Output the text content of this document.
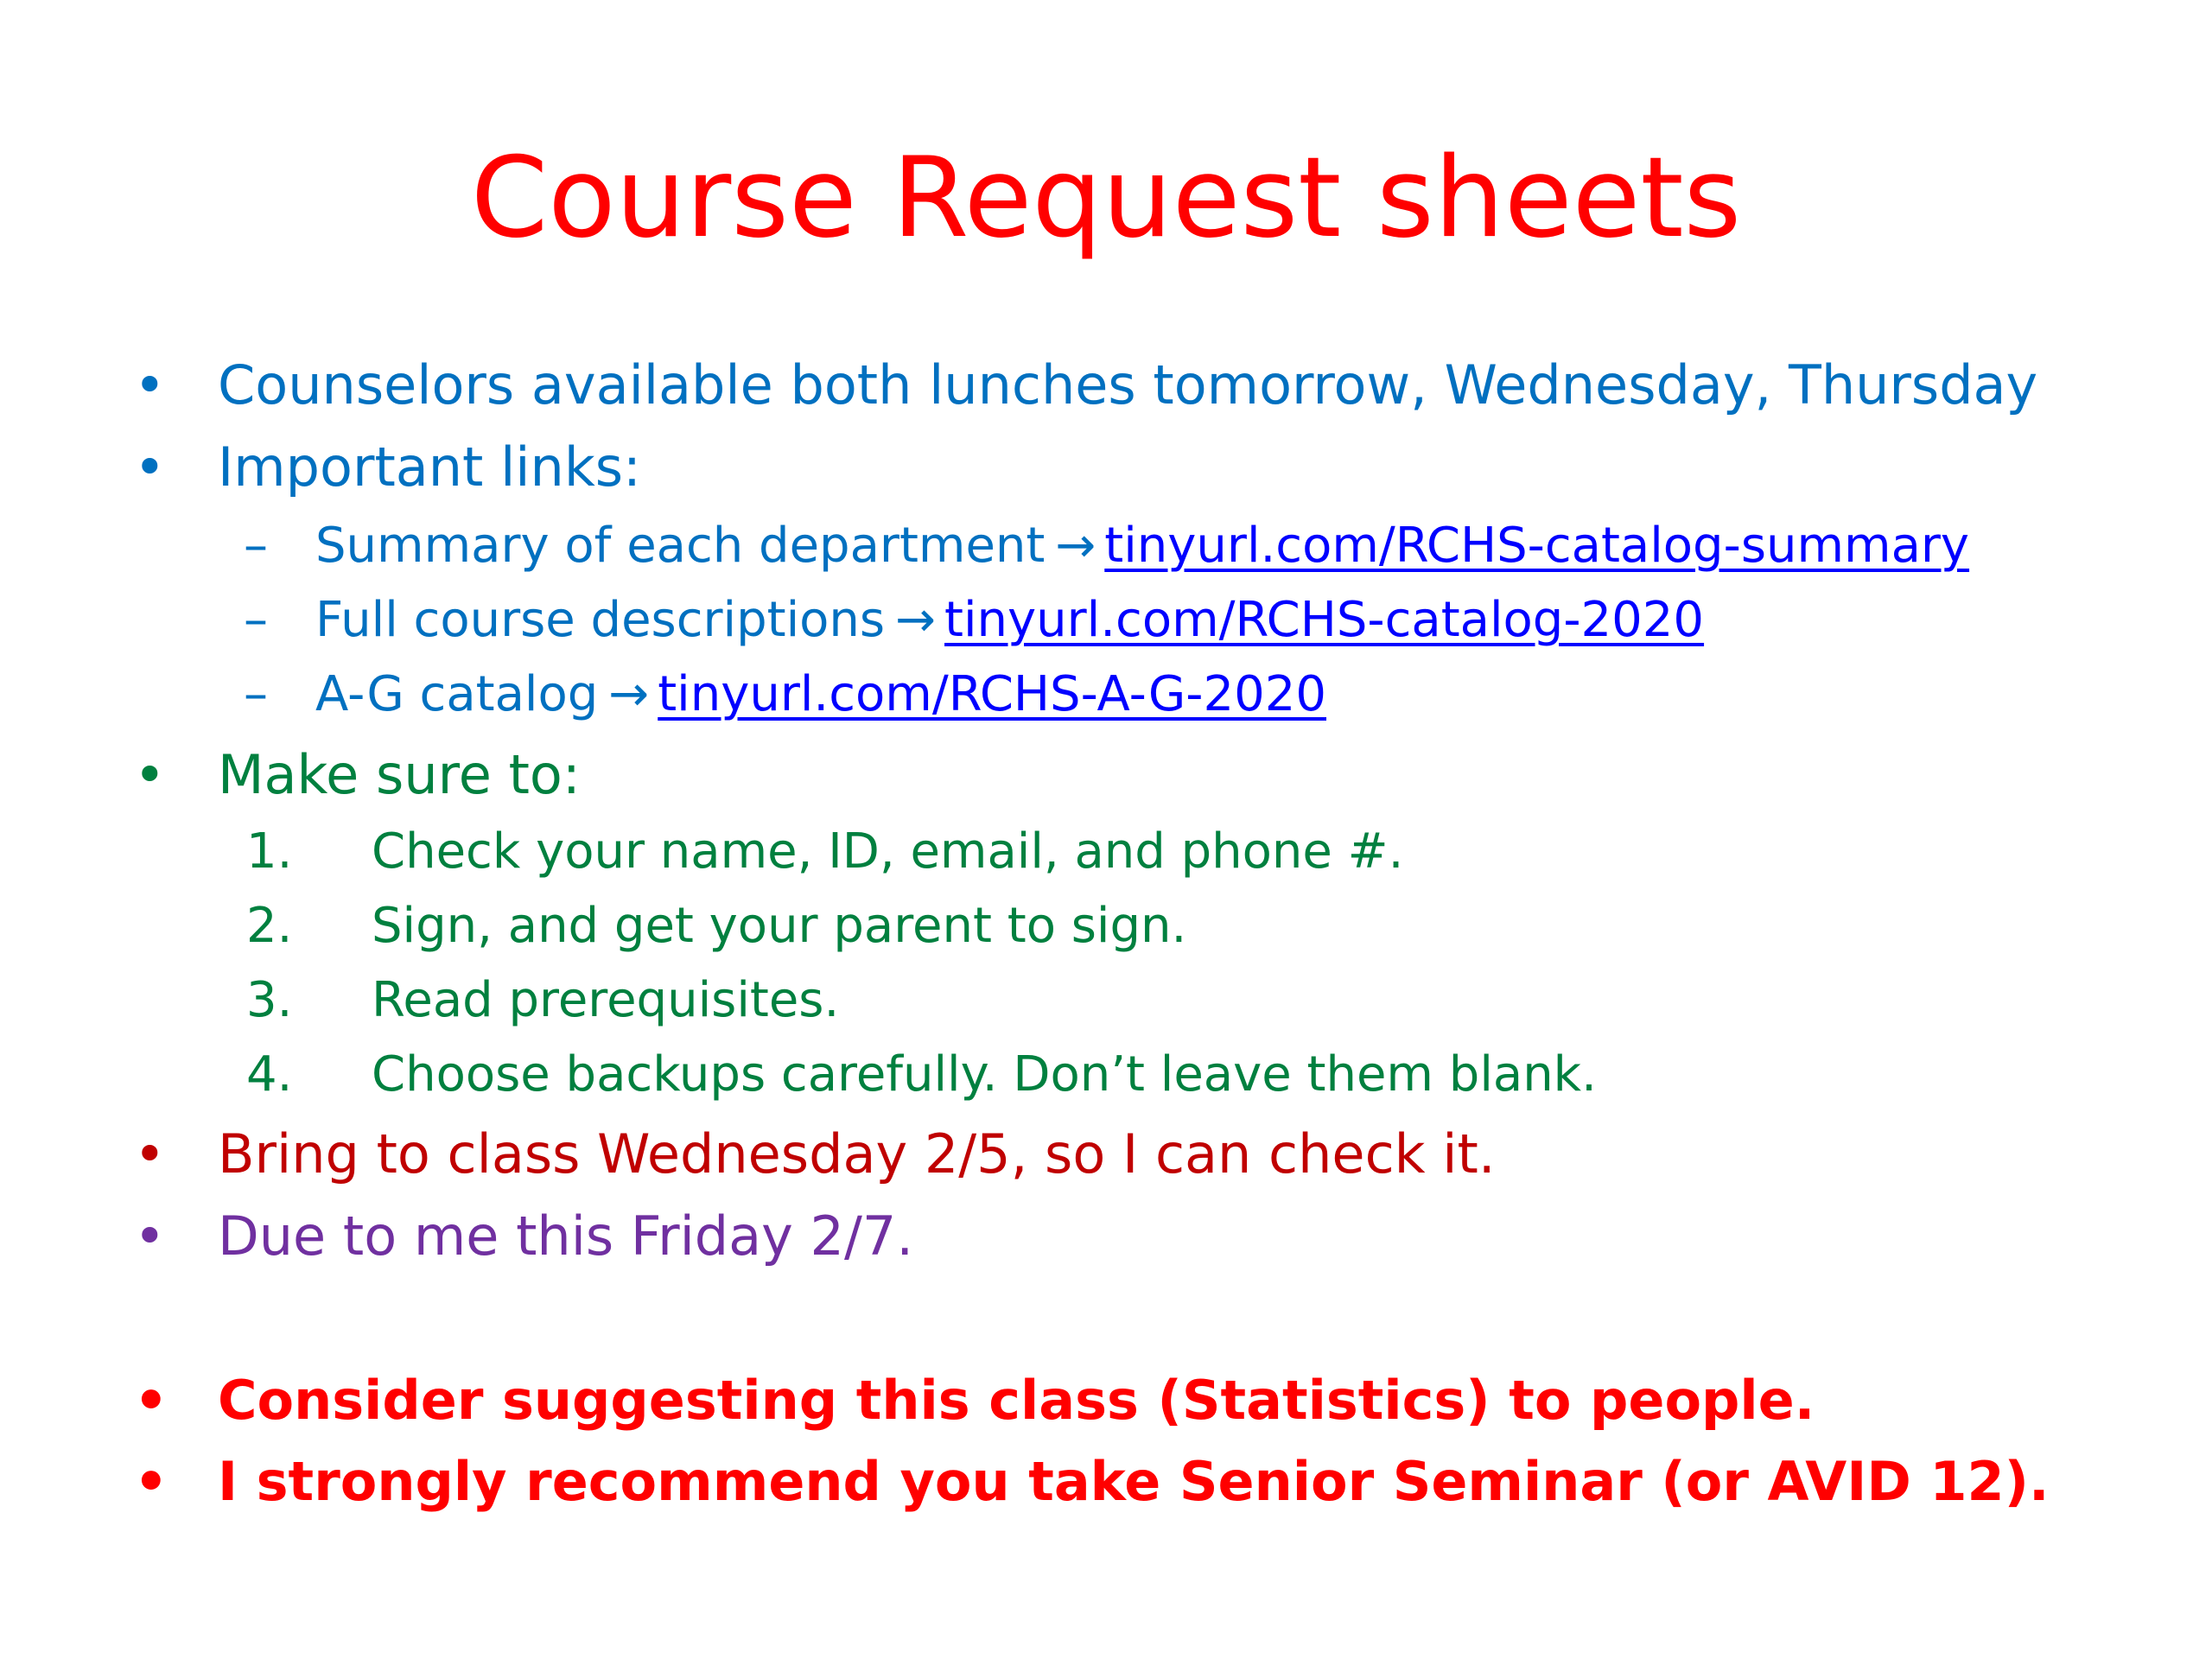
Course Request sheets
• Counselors available both lunches tomorrow, Wednesday, Thursday
• Important links:
– Summary of each department → tinyurl.com/RCHS-catalog-summary
– Full course descriptions → tinyurl.com/RCHS-catalog-2020
– A-G catalog → tinyurl.com/RCHS-A-G-2020
• Make sure to:
1. Check your name, ID, email, and phone #.
2. Sign, and get your parent to sign.
3. Read prerequisites.
4. Choose backups carefully. Don’t leave them blank.
• Bring to class Wednesday 2/5, so I can check it.
• Due to me this Friday 2/7.
• Consider suggesting this class (Statistics) to people.
• I strongly recommend you take Senior Seminar (or AVID 12).
